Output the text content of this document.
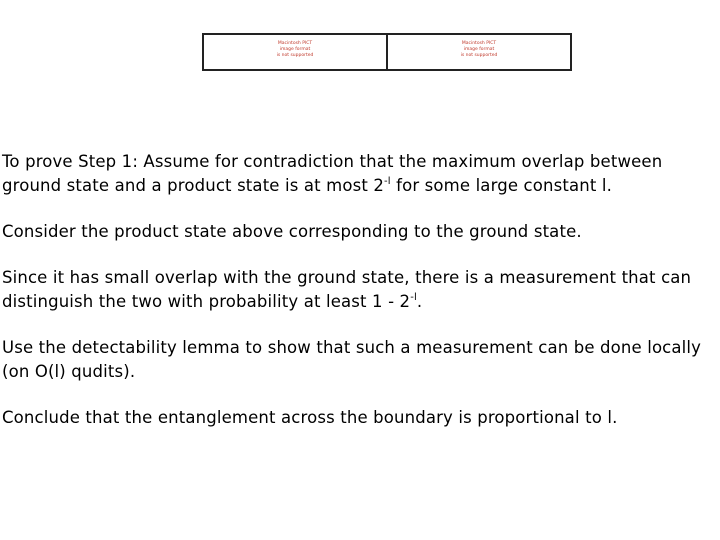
Macintosh PICT
image format
is not supported
Macintosh PICT
image format
is not supported

To prove Step 1: Assume for contradiction that the maximum overlap between ground state and a product state is at most $2^{-l}$ for some large constant l.

Consider the product state above corresponding to the ground state.

Since it has small overlap with the ground state, there is a measurement that can distinguish the two with probability at least $1 - 2^{-l}$.

Use the detectability lemma to show that such a measurement can be done locally (on O(l) qudits).

Conclude that the entanglement across the boundary is proportional to l.
